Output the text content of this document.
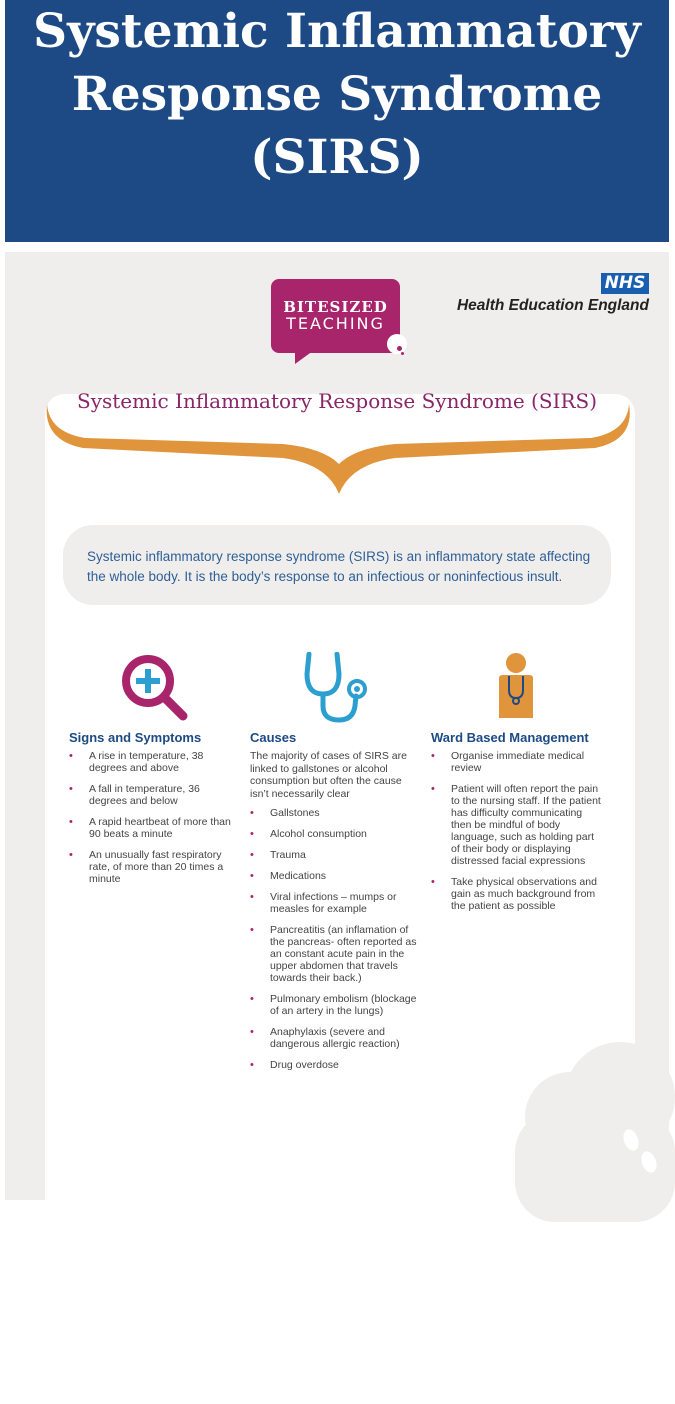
Systemic Inflammatory Response Syndrome (SIRS)
BITESIZED
TEACHING
NHS
Health Education England
Systemic Inflammatory Response Syndrome (SIRS)

Systemic inflammatory response syndrome (SIRS) is an inflammatory state affecting the whole body. It is the body’s response to an infectious or noninfectious insult.

Signs and Symptoms
• A rise in temperature, 38 degrees and above
• A fall in temperature, 36 degrees and below
• A rapid heartbeat of more than 90 beats a minute
• An unusually fast respiratory rate, of more than 20 times a minute
Causes

The majority of cases of SIRS are linked to gallstones or alcohol consumption but often the cause isn’t necessarily clear

• Gallstones
• Alcohol consumption
• Trauma
• Medications
• Viral infections – mumps or measles for example
• Pancreatitis (an inflamation of the pancreas- often reported as an constant acute pain in the upper abdomen that travels towards their back.)
• Pulmonary embolism (blockage of an artery in the lungs)
• Anaphylaxis (severe and dangerous allergic reaction)
• Drug overdose
Ward Based Management
• Organise immediate medical review
• Patient will often report the pain to the nursing staff. If the patient has difficulty communicating then be mindful of body language, such as holding part of their body or displaying distressed facial expressions
• Take physical observations and gain as much background from the patient as possible
